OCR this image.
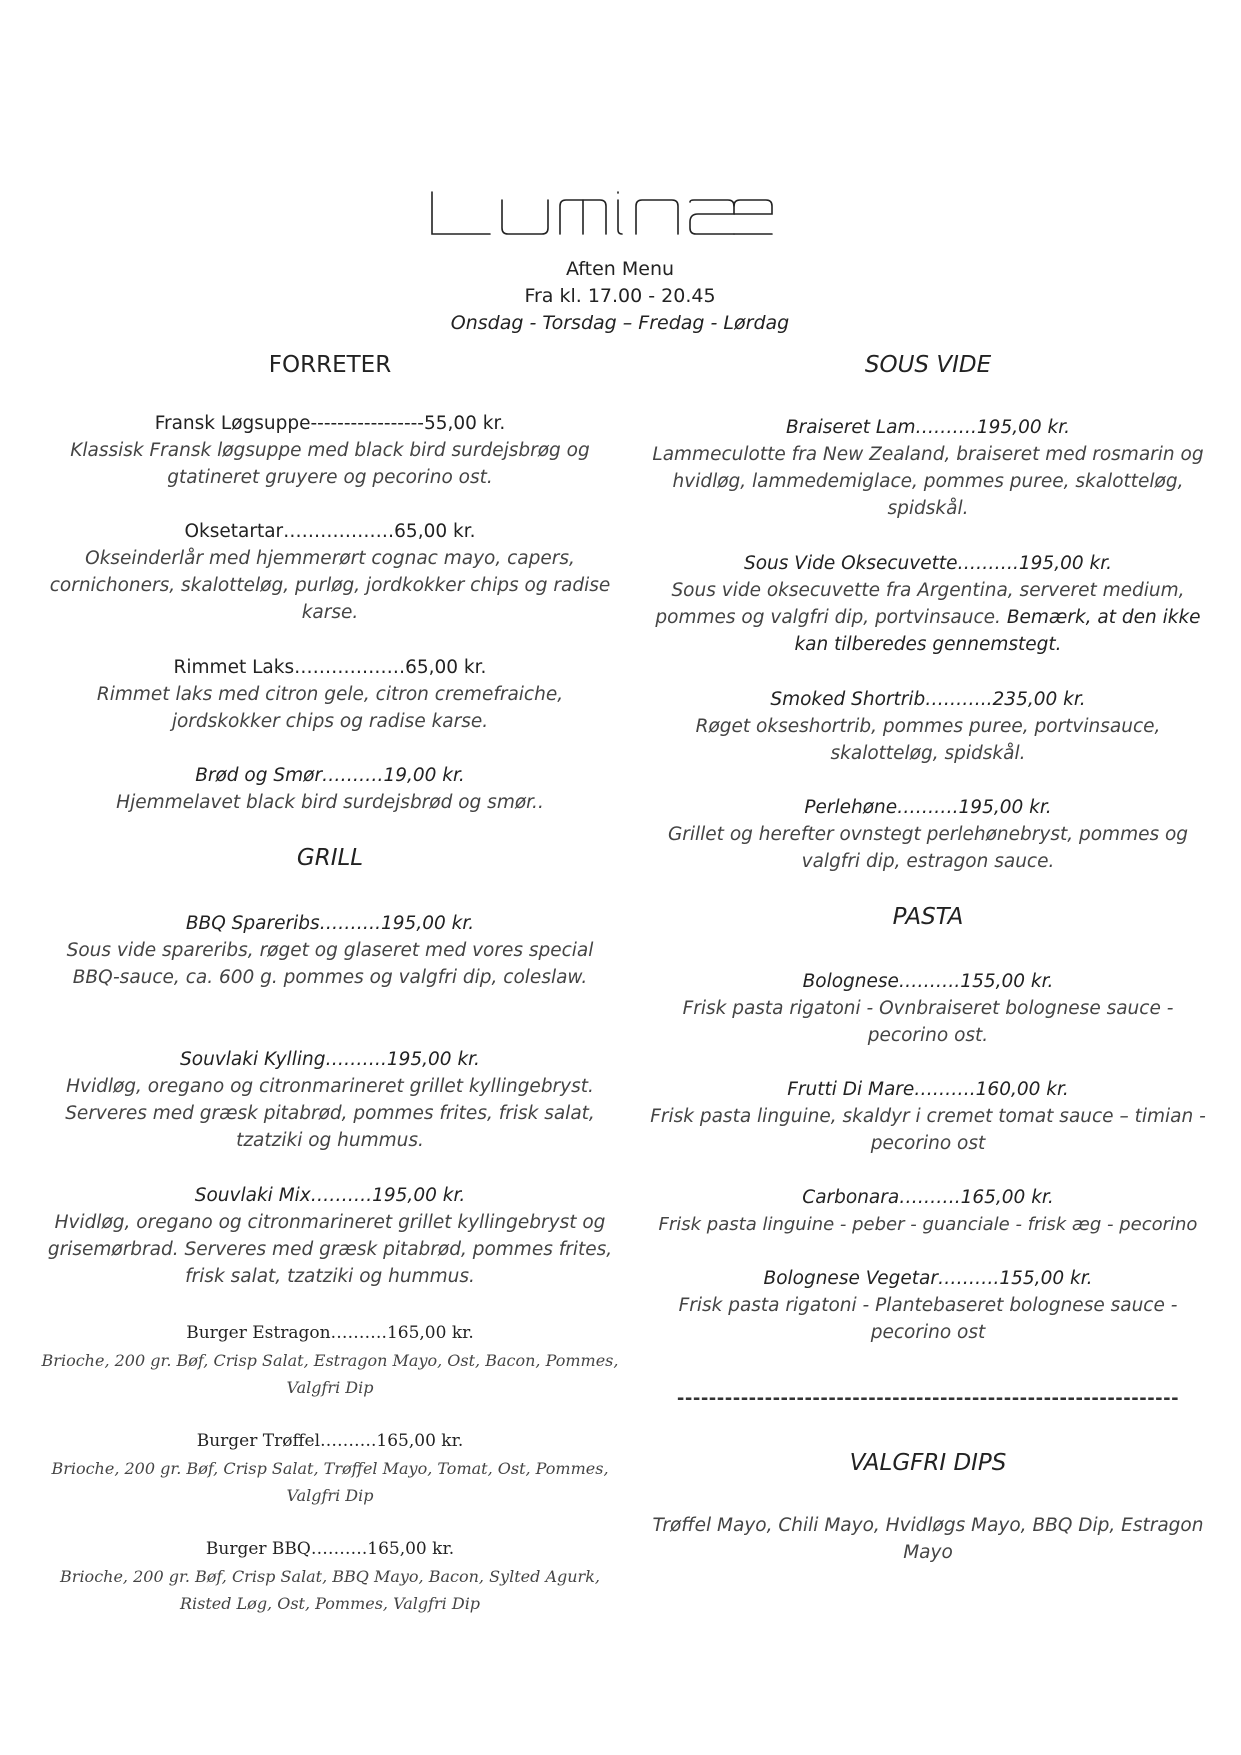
Aften Menu
Fra kl. 17.00 - 20.45
Onsdag - Torsdag – Fredag - Lørdag
FORRETER
Fransk Løgsuppe-----------------55,00 kr.
Klassisk Fransk løgsuppe med black bird surdejsbrøg og gtatineret gruyere og pecorino ost.
Oksetartar………………65,00 kr.
Okseinderlår med hjemmerørt cognac mayo, capers, cornichoners, skalotteløg, purløg, jordkokker chips og radise karse.
Rimmet Laks………………65,00 kr.
Rimmet laks med citron gele, citron cremefraiche, jordskokker chips og radise karse.
Brød og Smør……….19,00 kr.
Hjemmelavet black bird surdejsbrød og smør..
GRILL
BBQ Spareribs……….195,00 kr.
Sous vide spareribs, røget og glaseret med vores special BBQ-sauce, ca. 600 g. pommes og valgfri dip, coleslaw.
Souvlaki Kylling……….195,00 kr.
Hvidløg, oregano og citronmarineret grillet kyllingebryst. Serveres med græsk pitabrød, pommes frites, frisk salat, tzatziki og hummus.
Souvlaki Mix……….195,00 kr.
Hvidløg, oregano og citronmarineret grillet kyllingebryst og grisemørbrad. Serveres med græsk pitabrød, pommes frites, frisk salat, tzatziki og hummus.
Burger Estragon……….165,00 kr.
Brioche, 200 gr. Bøf, Crisp Salat, Estragon Mayo, Ost, Bacon, Pommes, Valgfri Dip
Burger Trøffel……….165,00 kr.
Brioche, 200 gr. Bøf, Crisp Salat, Trøffel Mayo, Tomat, Ost, Pommes, Valgfri Dip
Burger BBQ……….165,00 kr.
Brioche, 200 gr. Bøf, Crisp Salat, BBQ Mayo, Bacon, Sylted Agurk, Risted Løg, Ost, Pommes, Valgfri Dip
SOUS VIDE
Braiseret Lam……….195,00 kr.
Lammeculotte fra New Zealand, braiseret med rosmarin og hvidløg, lammedemiglace, pommes puree, skalotteløg, spidskål.
Sous Vide Oksecuvette……….195,00 kr.
Sous vide oksecuvette fra Argentina, serveret medium, pommes og valgfri dip, portvinsauce. Bemærk, at den ikke kan tilberedes gennemstegt.
Smoked Shortrib………..235,00 kr.
Røget okseshortrib, pommes puree, portvinsauce, skalotteløg, spidskål.
Perlehøne……….195,00 kr.
Grillet og herefter ovnstegt perlehønebryst, pommes og valgfri dip, estragon sauce.
PASTA
Bolognese……….155,00 kr.
Frisk pasta rigatoni - Ovnbraiseret bolognese sauce - pecorino ost.
Frutti Di Mare……….160,00 kr.
Frisk pasta linguine, skaldyr i cremet tomat sauce – timian - pecorino ost
Carbonara……….165,00 kr.
Frisk pasta linguine - peber - guanciale - frisk æg - pecorino
Bolognese Vegetar……….155,00 kr.
Frisk pasta rigatoni - Plantebaseret bolognese sauce - pecorino ost
---------------------------------------------------------------
VALGFRI DIPS
Trøffel Mayo, Chili Mayo, Hvidløgs Mayo, BBQ Dip, Estragon Mayo
